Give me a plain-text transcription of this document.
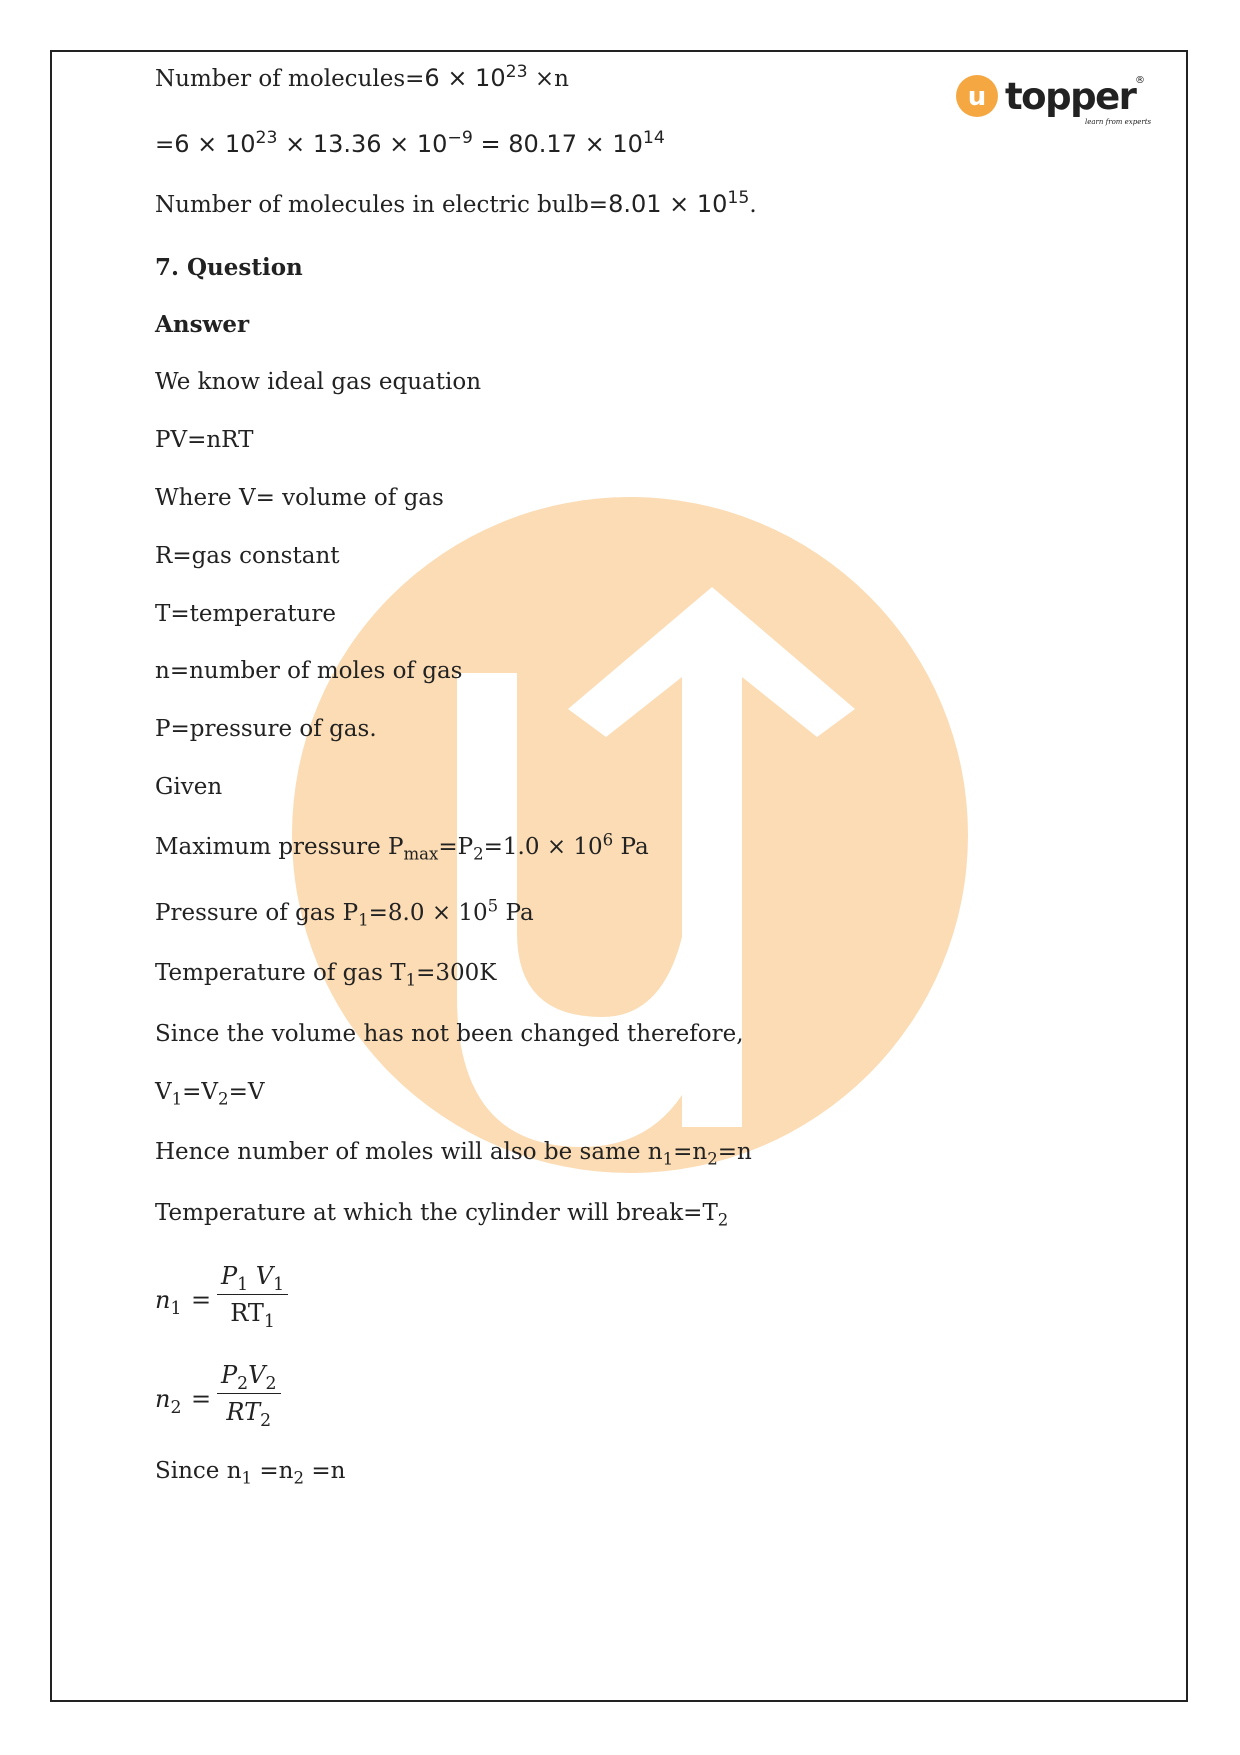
u topper ®
learn from experts
Number of molecules=6 × $10^{23} \times n$
$=6 \times 10^{23} \times 13.36 \times 10^{-9} = 80.17 \times 10^{14}$
Number of molecules in electric bulb=8.01 × $10^{15}$.
7. Question
Answer
We know ideal gas equation
PV=nRT
Where V= volume of gas
R=gas constant
T=temperature
n=number of moles of gas
P=pressure of gas.
Given
Maximum pressure $P_{max}=P_2=1.0 \times 10^6$ Pa
Pressure of gas $P_1=8.0 \times 10^5$ Pa
Temperature of gas $T_1=300K$
Since the volume has not been changed therefore,
$V_1=V_2=V$
Hence number of moles will also be same $n_1=n_2=n$
Temperature at which the cylinder will $break=T_2$
$n_1 = \frac{P_1 V_1}{RT_1}$
$n_2 = \frac{P_2V_2}{RT_2}$
Since $n_1 =n_2 =n$
